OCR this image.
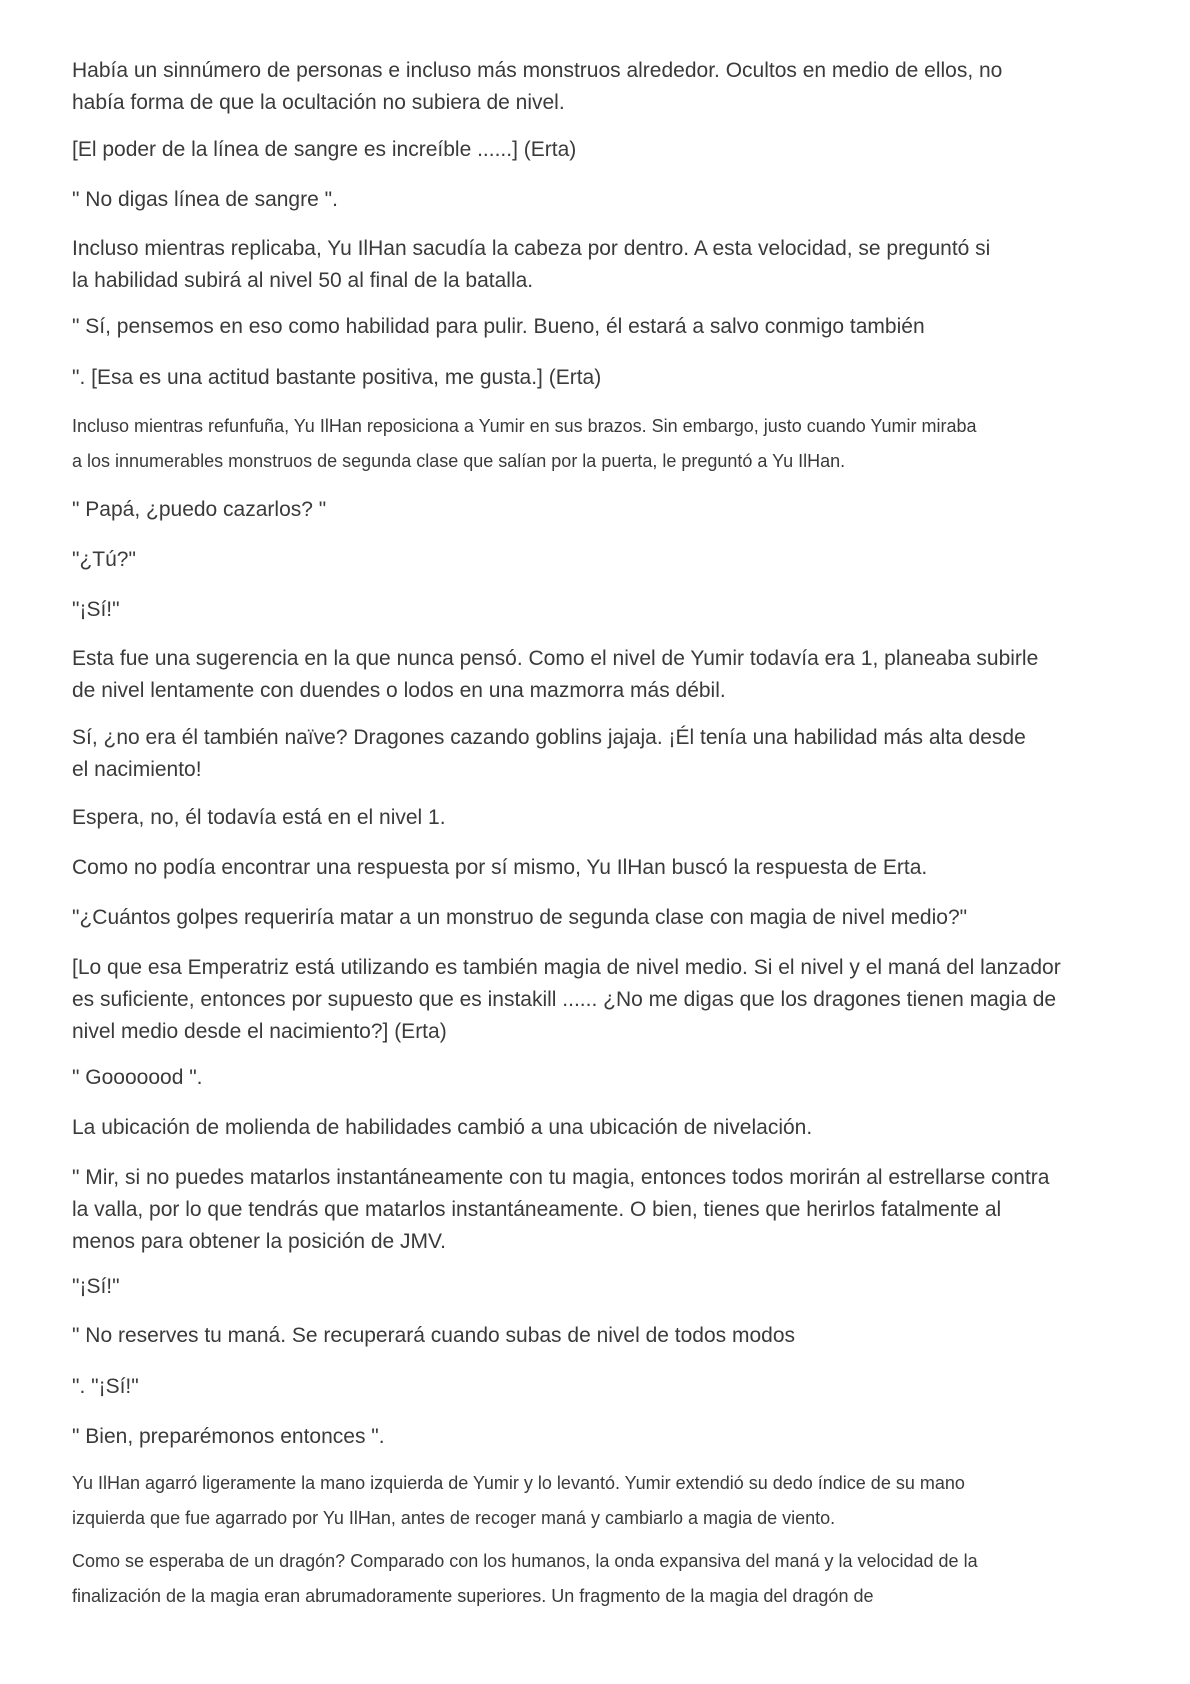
Había un sinnúmero de personas e incluso más monstruos alrededor. Ocultos en medio de ellos, no
había forma de que la ocultación no subiera de nivel.
[El poder de la línea de sangre es increíble ......] (Erta)
" No digas línea de sangre ".
Incluso mientras replicaba, Yu IlHan sacudía la cabeza por dentro. A esta velocidad, se preguntó si
la habilidad subirá al nivel 50 al final de la batalla.
" Sí, pensemos en eso como habilidad para pulir. Bueno, él estará a salvo conmigo también
". [Esa es una actitud bastante positiva, me gusta.] (Erta)
Incluso mientras refunfuña, Yu IlHan reposiciona a Yumir en sus brazos. Sin embargo, justo cuando Yumir miraba
a los innumerables monstruos de segunda clase que salían por la puerta, le preguntó a Yu IlHan.
" Papá, ¿puedo cazarlos? "
"¿Tú?"
"¡Sí!"
Esta fue una sugerencia en la que nunca pensó. Como el nivel de Yumir todavía era 1, planeaba subirle
de nivel lentamente con duendes o lodos en una mazmorra más débil.
Sí, ¿no era él también naïve? Dragones cazando goblins jajaja. ¡Él tenía una habilidad más alta desde
el nacimiento!
Espera, no, él todavía está en el nivel 1.
Como no podía encontrar una respuesta por sí mismo, Yu IlHan buscó la respuesta de Erta.
"¿Cuántos golpes requeriría matar a un monstruo de segunda clase con magia de nivel medio?"
[Lo que esa Emperatriz está utilizando es también magia de nivel medio. Si el nivel y el maná del lanzador
es suficiente, entonces por supuesto que es instakill ...... ¿No me digas que los dragones tienen magia de
nivel medio desde el nacimiento?] (Erta)
" Gooooood ".
La ubicación de molienda de habilidades cambió a una ubicación de nivelación.
" Mir, si no puedes matarlos instantáneamente con tu magia, entonces todos morirán al estrellarse contra
la valla, por lo que tendrás que matarlos instantáneamente. O bien, tienes que herirlos fatalmente al
menos para obtener la posición de JMV.
"¡Sí!"
" No reserves tu maná. Se recuperará cuando subas de nivel de todos modos
". "¡Sí!"
" Bien, preparémonos entonces ".
Yu IlHan agarró ligeramente la mano izquierda de Yumir y lo levantó. Yumir extendió su dedo índice de su mano
izquierda que fue agarrado por Yu IlHan, antes de recoger maná y cambiarlo a magia de viento.
Como se esperaba de un dragón? Comparado con los humanos, la onda expansiva del maná y la velocidad de la
finalización de la magia eran abrumadoramente superiores. Un fragmento de la magia del dragón de
